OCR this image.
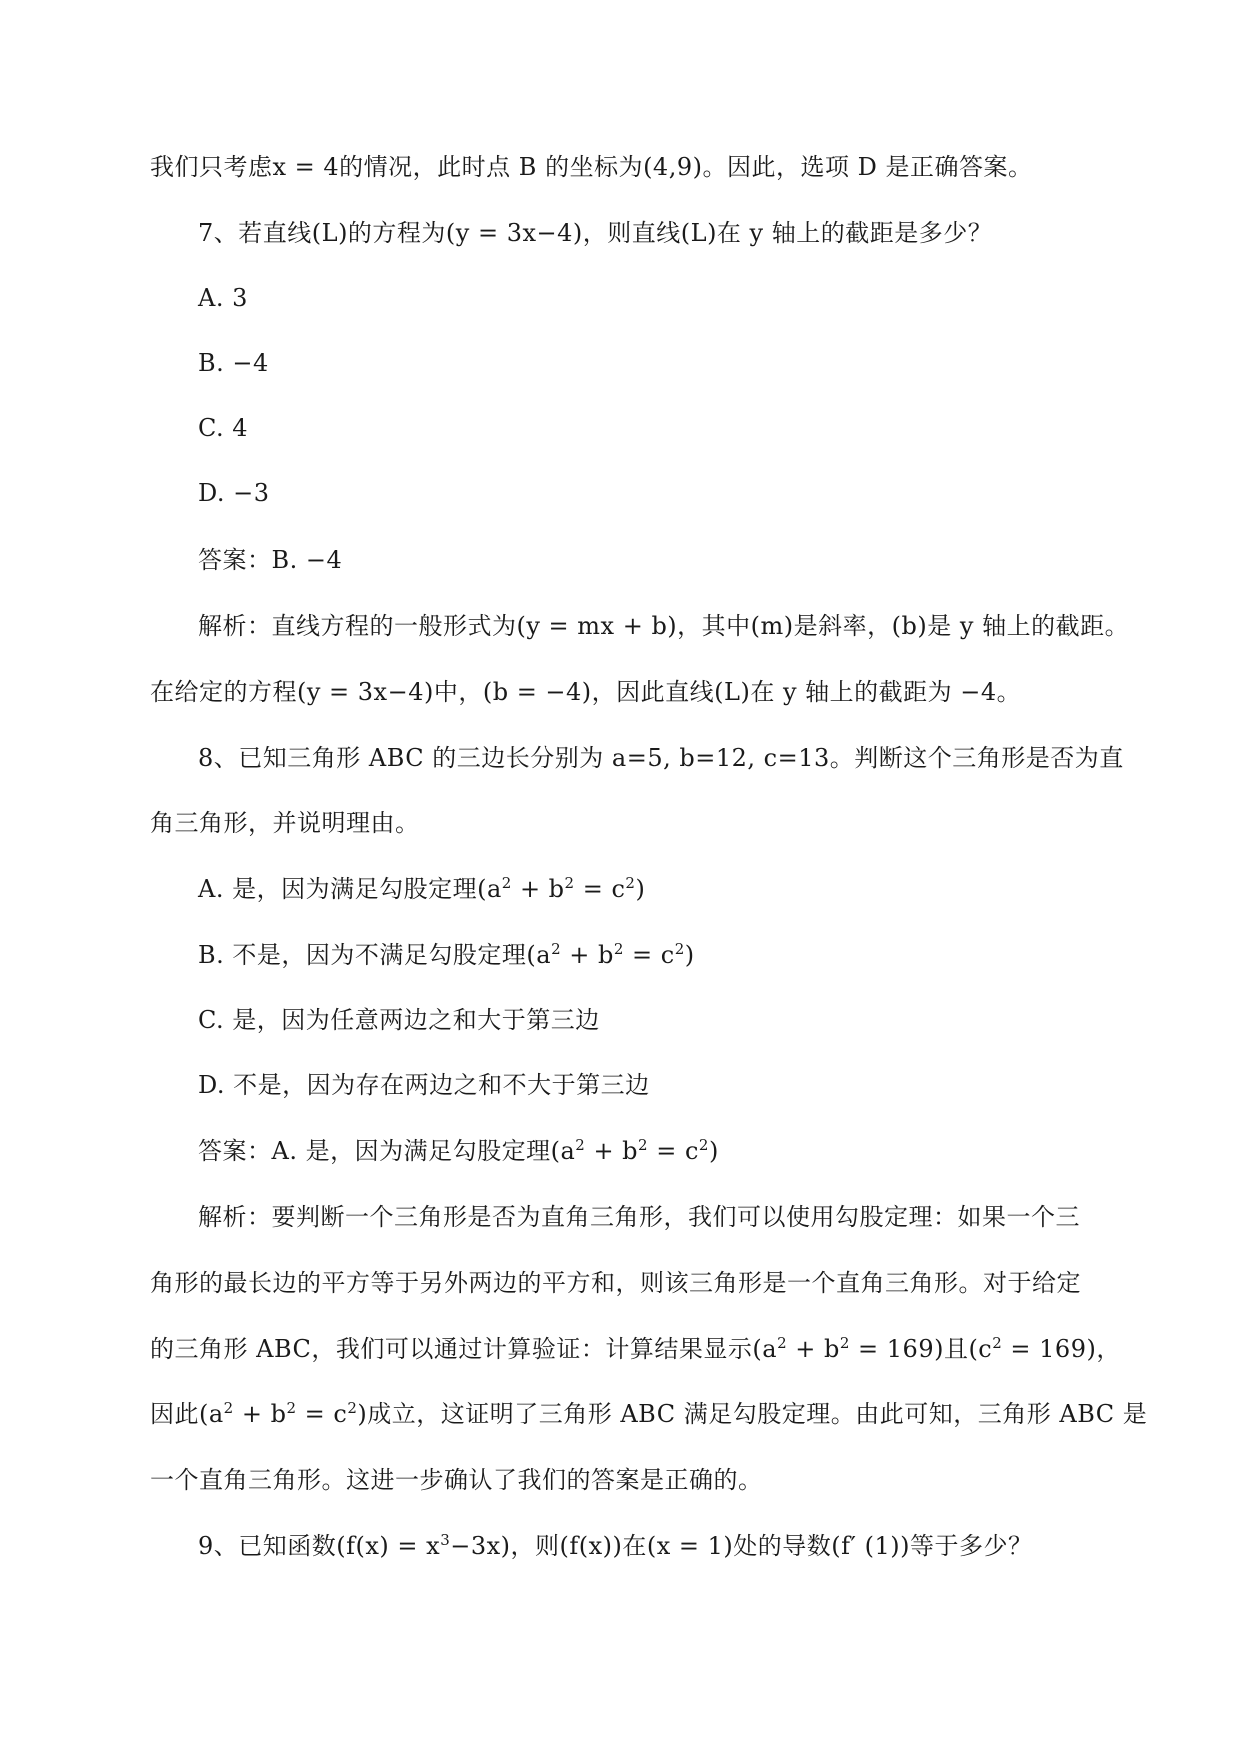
我们只考虑x = 4的情况，此时点 B 的坐标为(4,9)。因此，选项 D 是正确答案。
7、若直线(L)的方程为(y = 3x−4)，则直线(L)在 y 轴上的截距是多少？
A. 3
B. −4
C. 4
D. −3
答案：B. −4
解析：直线方程的一般形式为(y = mx + b)，其中(m)是斜率，(b)是 y 轴上的截距。
在给定的方程(y = 3x−4)中，(b = −4)，因此直线(L)在 y 轴上的截距为 −4。
8、已知三角形 ABC 的三边长分别为 a=5, b=12, c=13。判断这个三角形是否为直
角三角形，并说明理由。
A. 是，因为满足勾股定理$(a^2 + b^2 = c^2)$
B. 不是，因为不满足勾股定理$(a^2 + b^2 = c^2)$
C. 是，因为任意两边之和大于第三边
D. 不是，因为存在两边之和不大于第三边
答案：A. 是，因为满足勾股定理$(a^2 + b^2 = c^2)$
解析：要判断一个三角形是否为直角三角形，我们可以使用勾股定理：如果一个三
角形的最长边的平方等于另外两边的平方和，则该三角形是一个直角三角形。对于给定
的三角形 ABC，我们可以通过计算验证：计算结果显示$(a^2 + b^2 = 169)$且$(c^2 = 169)$，
因此$(a^2 + b^2 = c^2)$成立，这证明了三角形 ABC 满足勾股定理。由此可知，三角形 ABC 是
一个直角三角形。这进一步确认了我们的答案是正确的。
9、已知函数$(f(x) = x^3-3x)$，则(f(x))在(x = 1)处的导数(f′ (1))等于多少？
